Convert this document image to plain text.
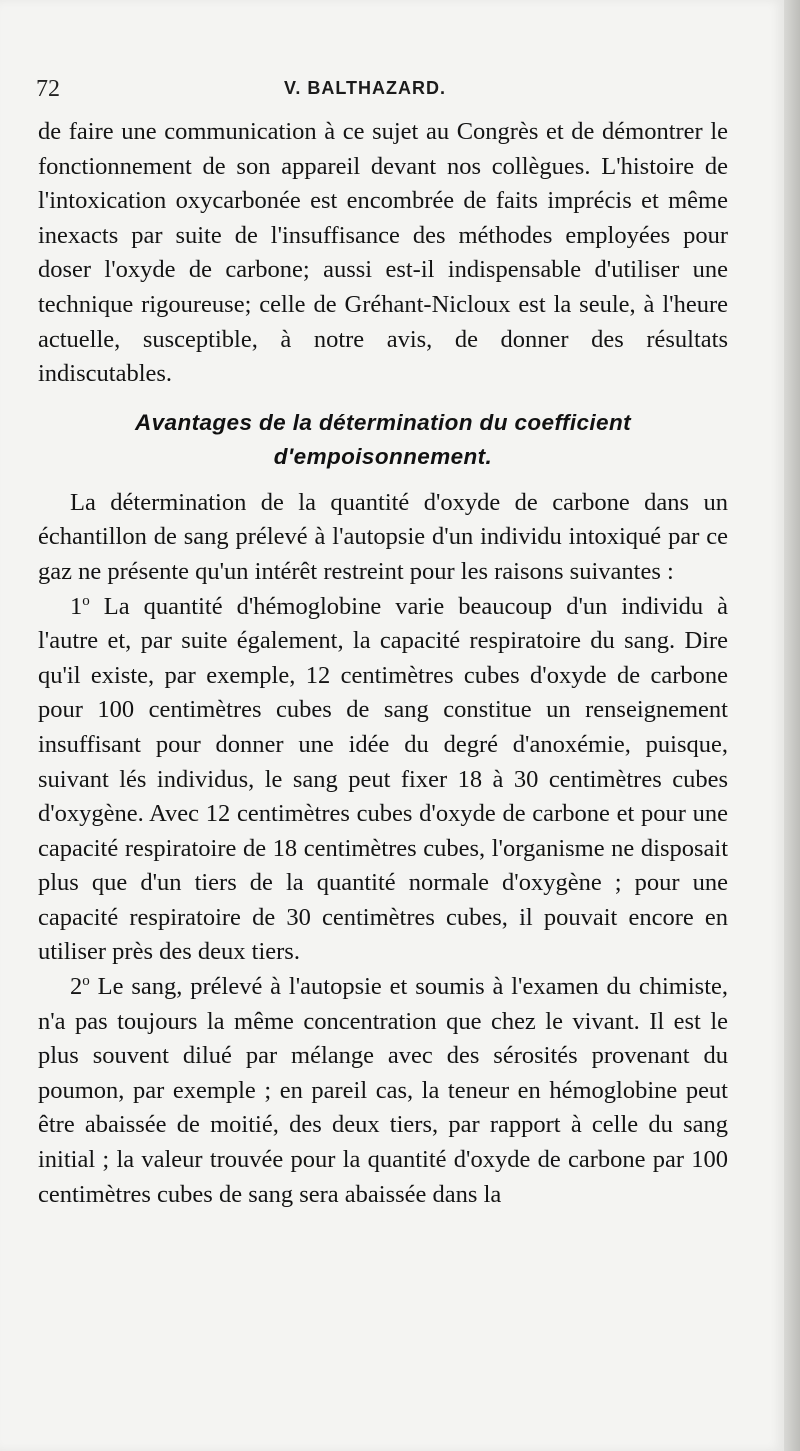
72	V. BALTHAZARD.

de faire une communication à ce sujet au Congrès et de démontrer le fonctionnement de son appareil devant nos collègues. L'histoire de l'intoxication oxycarbonée est encombrée de faits imprécis et même inexacts par suite de l'insuffisance des méthodes employées pour doser l'oxyde de carbone; aussi est-il indispensable d'utiliser une technique rigoureuse; celle de Gréhant-Nicloux est la seule, à l'heure actuelle, susceptible, à notre avis, de donner des résultats indiscutables.

Avantages de la détermination du coefficient
d'empoisonnement.

La détermination de la quantité d'oxyde de carbone dans un échantillon de sang prélevé à l'autopsie d'un individu intoxiqué par ce gaz ne présente qu'un intérêt restreint pour les raisons suivantes :

1$^o$ La quantité d'hémoglobine varie beaucoup d'un individu à l'autre et, par suite également, la capacité respiratoire du sang. Dire qu'il existe, par exemple, 12 centimètres cubes d'oxyde de carbone pour 100 centimètres cubes de sang constitue un renseignement insuffisant pour donner une idée du degré d'anoxémie, puisque, suivant lés individus, le sang peut fixer 18 à 30 centimètres cubes d'oxygène. Avec 12 centimètres cubes d'oxyde de carbone et pour une capacité respiratoire de 18 centimètres cubes, l'organisme ne disposait plus que d'un tiers de la quantité normale d'oxygène ; pour une capacité respiratoire de 30 centimètres cubes, il pouvait encore en utiliser près des deux tiers.

2$^o$ Le sang, prélevé à l'autopsie et soumis à l'examen du chimiste, n'a pas toujours la même concentration que chez le vivant. Il est le plus souvent dilué par mélange avec des sérosités provenant du poumon, par exemple ; en pareil cas, la teneur en hémoglobine peut être abaissée de moitié, des deux tiers, par rapport à celle du sang initial ; la valeur trouvée pour la quantité d'oxyde de carbone par 100 centimètres cubes de sang sera abaissée dans la
